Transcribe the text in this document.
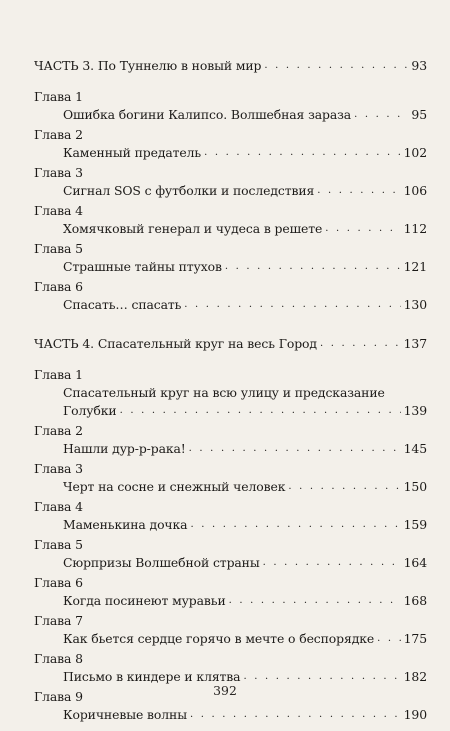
ЧАСТЬ 3. По Туннелю в новый мир . . .	93
Глава 1
Ошибка богини Калипсо. Волшебная зараза . . .	95
Глава 2
Каменный предатель . . .	102
Глава 3
Сигнал SOS с футболки и последствия . . .	106
Глава 4
Хомячковый генерал и чудеса в решете . . .	112
Глава 5
Страшные тайны птухов . . .	121
Глава 6
Спасать… спасать . . .	130
ЧАСТЬ 4. Спасательный круг на весь Город . . .	137
Глава 1
Спасательный круг на всю улицу и предсказание
Голубки . . .	139
Глава 2
Нашли дур-р-рака! . . .	145
Глава 3
Черт на сосне и снежный человек . . .	150
Глава 4
Маменькина дочка . . .	159
Глава 5
Сюрпризы Волшебной страны . . .	164
Глава 6
Когда посинеют муравьи . . .	168
Глава 7
Как бьется сердце горячо в мечте о беспорядке . . . 175
Глава 8
Письмо в киндере и клятва . . .	182
Глава 9
Коричневые волны . . .	190
392
